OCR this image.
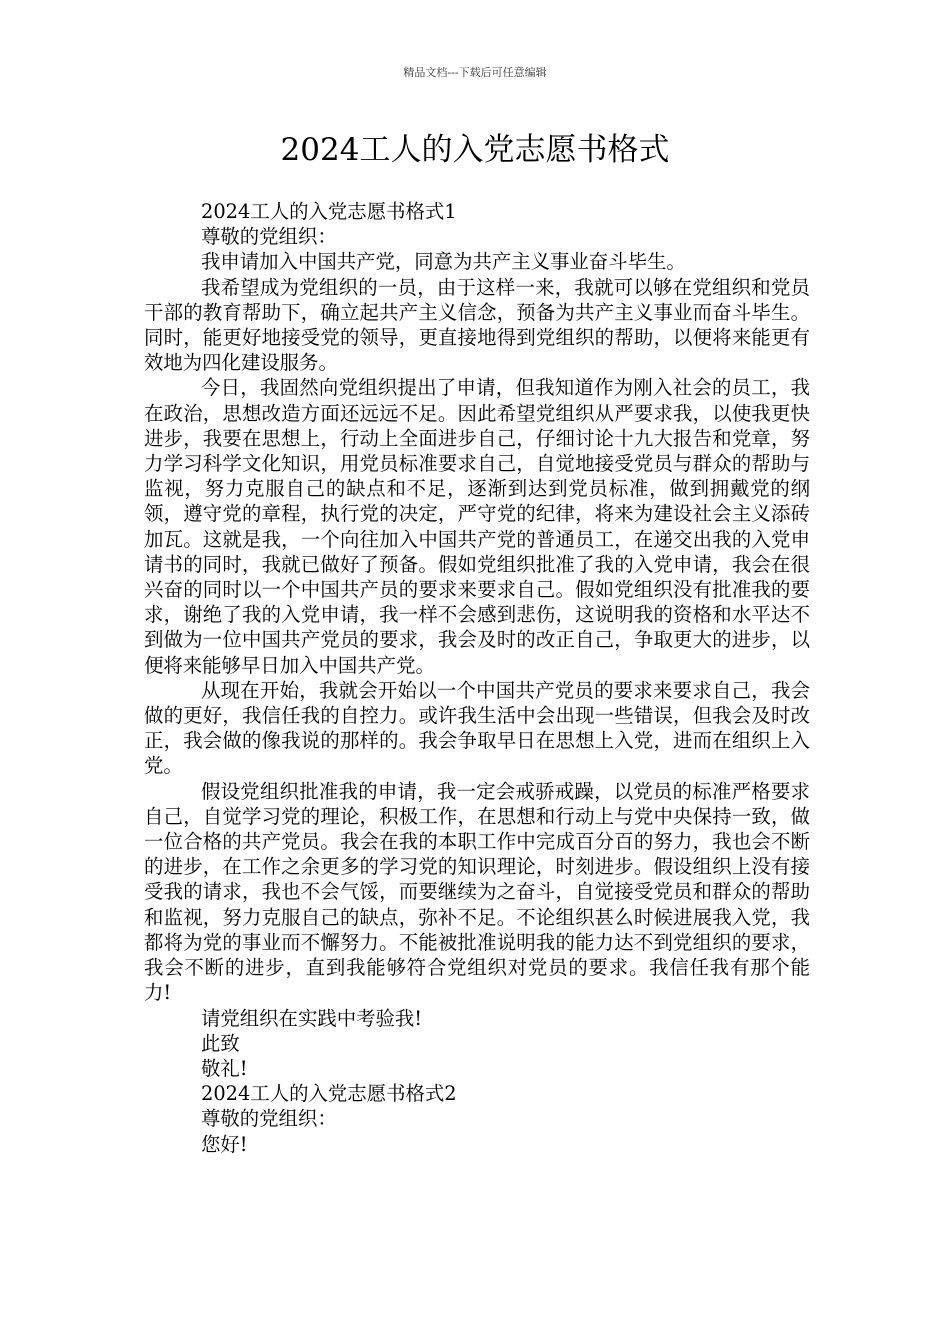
精品文档---下载后可任意编辑
2024工人的入党志愿书格式

2024工人的入党志愿书格式1

尊敬的党组织：

我申请加入中国共产党，同意为共产主义事业奋斗毕生。

我希望成为党组织的一员，由于这样一来，我就可以够在党组织和党员干部的教育帮助下，确立起共产主义信念，预备为共产主义事业而奋斗毕生。同时，能更好地接受党的领导，更直接地得到党组织的帮助，以便将来能更有效地为四化建设服务。

今日，我固然向党组织提出了申请，但我知道作为刚入社会的员工，我在政治，思想改造方面还远远不足。因此希望党组织从严要求我，以使我更快进步，我要在思想上，行动上全面进步自己，仔细讨论十九大报告和党章，努力学习科学文化知识，用党员标准要求自己，自觉地接受党员与群众的帮助与监视，努力克服自己的缺点和不足，逐渐到达到党员标准，做到拥戴党的纲领，遵守党的章程，执行党的决定，严守党的纪律，将来为建设社会主义添砖加瓦。这就是我，一个向往加入中国共产党的普通员工，在递交出我的入党申请书的同时，我就已做好了预备。假如党组织批准了我的入党申请，我会在很兴奋的同时以一个中国共产员的要求来要求自己。假如党组织没有批准我的要求，谢绝了我的入党申请，我一样不会感到悲伤，这说明我的资格和水平达不到做为一位中国共产党员的要求，我会及时的改正自己，争取更大的进步，以便将来能够早日加入中国共产党。

从现在开始，我就会开始以一个中国共产党员的要求来要求自己，我会做的更好，我信任我的自控力。或许我生活中会出现一些错误，但我会及时改正，我会做的像我说的那样的。我会争取早日在思想上入党，进而在组织上入党。

假设党组织批准我的申请，我一定会戒骄戒躁，以党员的标准严格要求自己，自觉学习党的理论，积极工作，在思想和行动上与党中央保持一致，做一位合格的共产党员。我会在我的本职工作中完成百分百的努力，我也会不断的进步，在工作之余更多的学习党的知识理论，时刻进步。假设组织上没有接受我的请求，我也不会气馁，而要继续为之奋斗，自觉接受党员和群众的帮助和监视，努力克服自己的缺点，弥补不足。不论组织甚么时候进展我入党，我都将为党的事业而不懈努力。不能被批准说明我的能力达不到党组织的要求，我会不断的进步，直到我能够符合党组织对党员的要求。我信任我有那个能力!

请党组织在实践中考验我!

此致

敬礼!

2024工人的入党志愿书格式2

尊敬的党组织：

您好!
